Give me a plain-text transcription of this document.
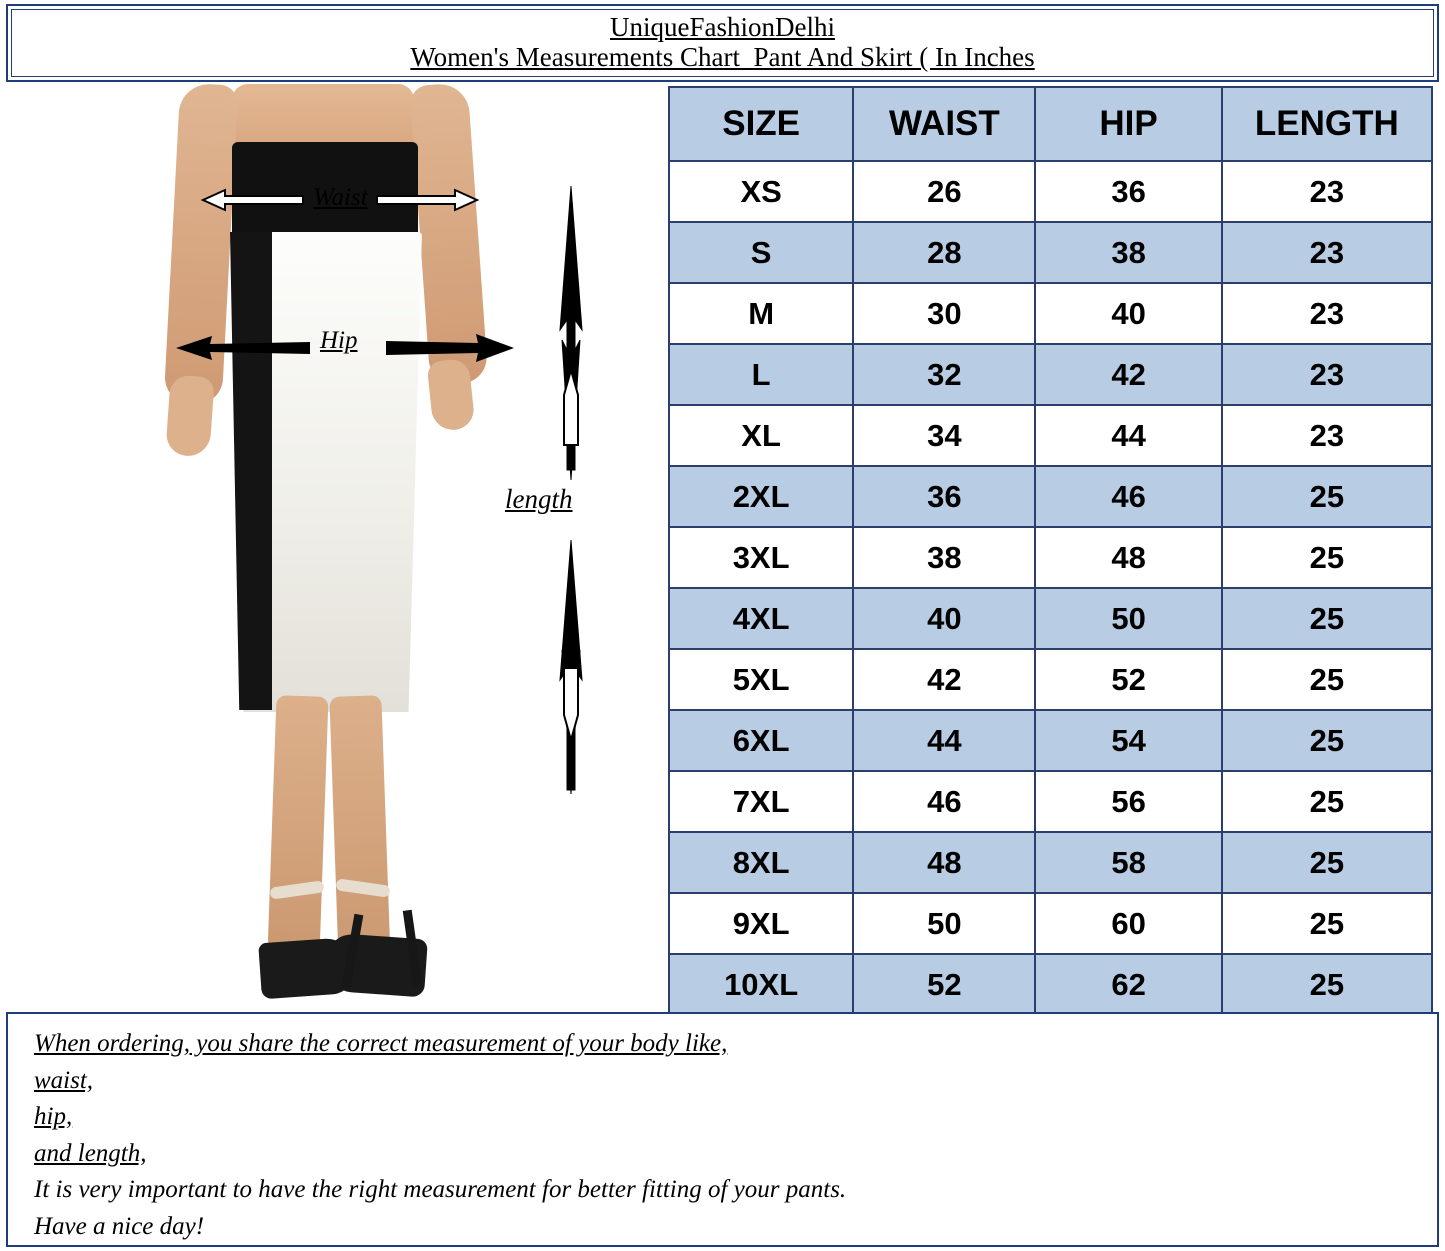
UniqueFashionDelhi
Women's Measurements Chart  Pant And Skirt ( In Inches
Waist
Hip
length
SIZE	WAIST	HIP	LENGTH
XS	26	36	23
S	28	38	23
M	30	40	23
L	32	42	23
XL	34	44	23
2XL	36	46	25
3XL	38	48	25
4XL	40	50	25
5XL	42	52	25
6XL	44	54	25
7XL	46	56	25
8XL	48	58	25
9XL	50	60	25
10XL	52	62	25
When ordering, you share the correct measurement of your body like,
waist,
hip,
and length,
It is very important to have the right measurement for better fitting of your pants.
Have a nice day!
